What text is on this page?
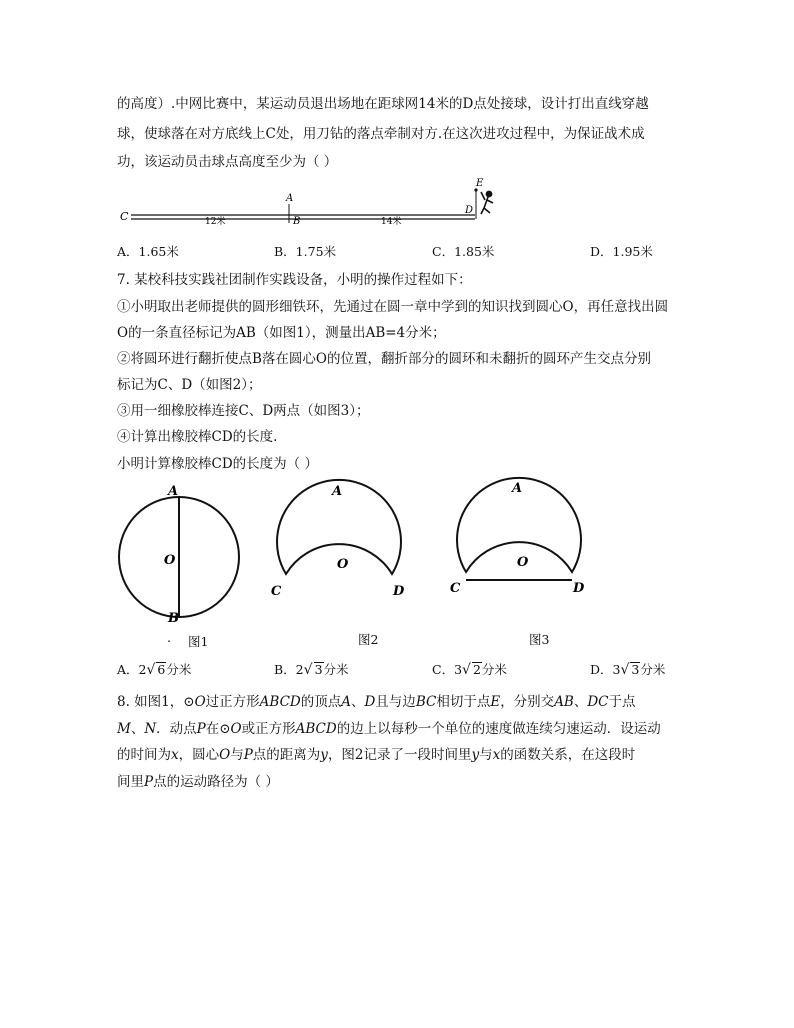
的高度）.中网比赛中，某运动员退出场地在距球网14米的D点处接球，设计打出直线穿越
球，使球落在对方底线上C处，用刀钻的落点牵制对方.在这次进攻过程中，为保证战术成
功，该运动员击球点高度至少为（ ）
C
A
B
D
E
12米	14米
A．1.65米	B．1.75米	C．1.85米	D．1.95米
7. 某校科技实践社团制作实践设备，小明的操作过程如下：
①小明取出老师提供的圆形细铁环，先通过在圆一章中学到的知识找到圆心O，再任意找出圆
O的一条直径标记为AB（如图1），测量出AB=4分米；
②将圆环进行翻折使点B落在圆心O的位置，翻折部分的圆环和未翻折的圆环产生交点分别
标记为C、D（如图2）；
③用一细橡胶棒连接C、D两点（如图3）；
④计算出橡胶棒CD的长度.
小明计算橡胶棒CD的长度为（ ）
A
O
B
. 图1
A
O
C	D
图2
A
O
C	D
图3
A．2√ 6分米	B．2√ 3分米	C．3√ 2分米	D．3√ 3分米
8. 如图1，⊙O过正方形ABCD的顶点A、D且与边BC相切于点E，分别交AB、DC于点
M、N．动点P在⊙O或正方形ABCD的边上以每秒一个单位的速度做连续匀速运动．设运动
的时间为x，圆心O与P点的距离为y，图2记录了一段时间里y与x的函数关系，在这段时
间里P点的运动路径为（ ）
